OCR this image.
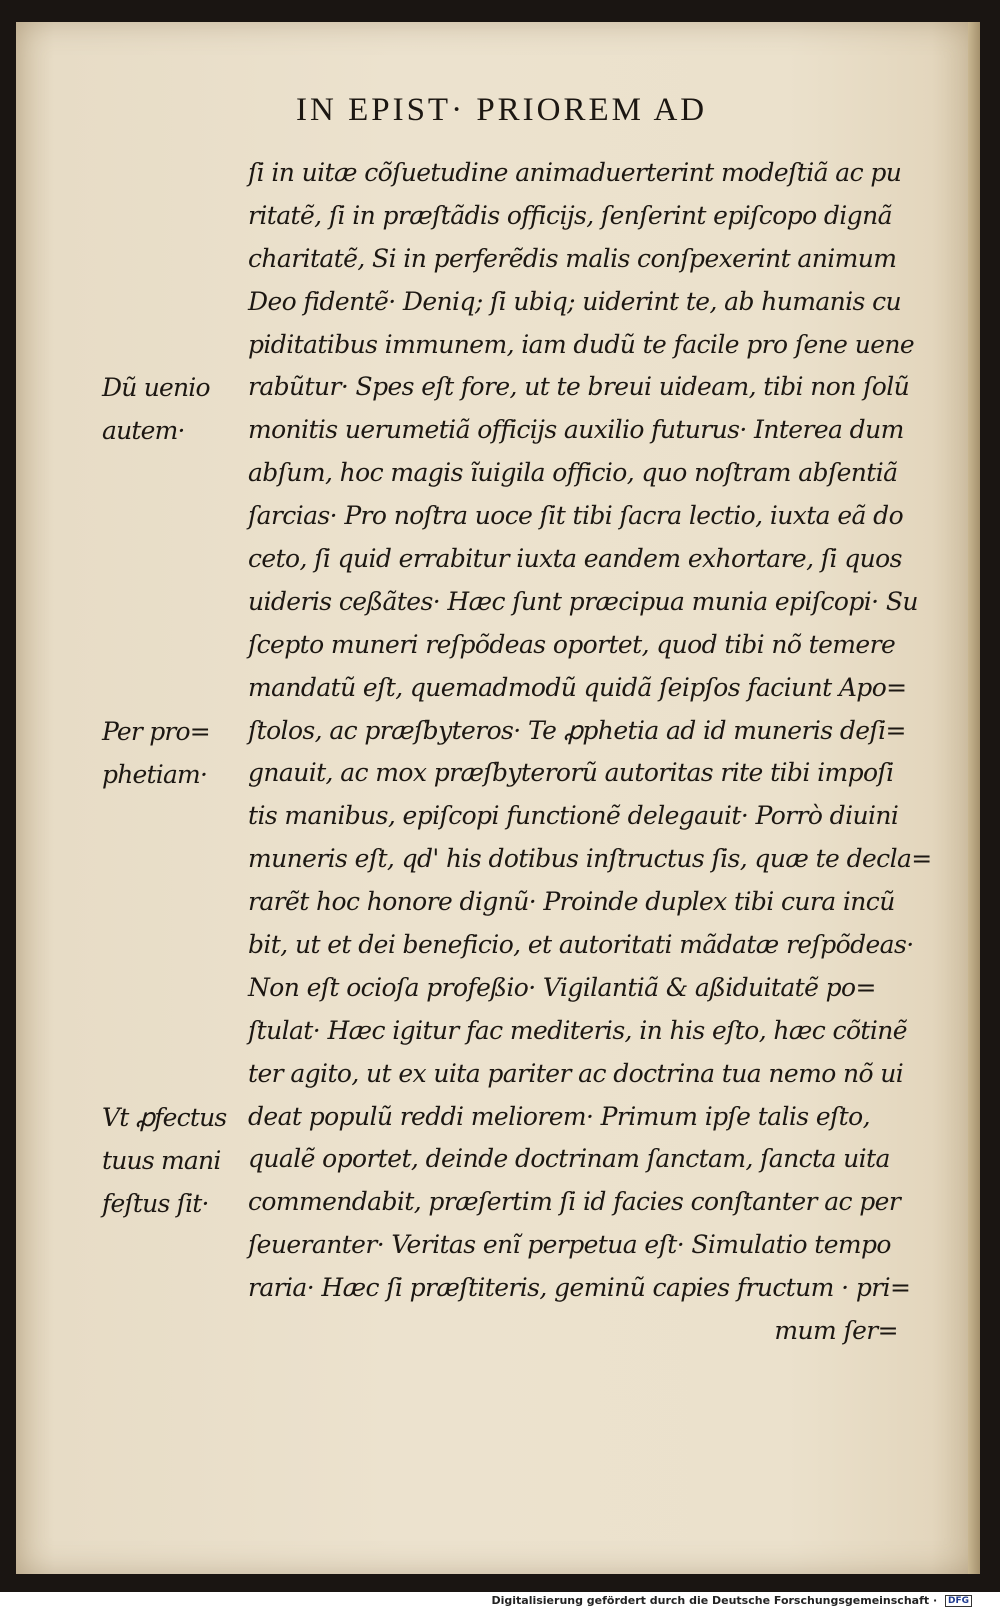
IN EPIST· PRIOREM AD
ſi in uitæ cõſuetudine animaduerterint modeſtiã ac pu
ritatẽ, ſi in præſtãdis officijs, ſenſerint epiſcopo dignã
charitatẽ, Si in perferẽdis malis conſpexerint animum
Deo fidentẽ· Deniq; ſi ubiq; uiderint te, ab humanis cu
piditatibus immunem, iam dudũ te facile pro ſene uene
rabũtur· Spes eſt fore, ut te breui uideam, tibi non ſolũ
monitis uerumetiã officijs auxilio futurus· Interea dum
abſum, hoc magis ĩuigila officio, quo noſtram abſentiã
ſarcias· Pro noſtra uoce ſit tibi ſacra lectio, iuxta eã do
ceto, ſi quid errabitur iuxta eandem exhortare, ſi quos
uideris ceßãtes· Hæc ſunt præcipua munia epiſcopi· Su
ſcepto muneri reſpõdeas oportet, quod tibi nõ temere
mandatũ eſt, quemadmodũ quidã ſeipſos faciunt Apo=
ſtolos, ac præſbyteros· Te ꝓphetia ad id muneris deſi=
gnauit, ac mox præſbyterorũ autoritas rite tibi impoſi
tis manibus, epiſcopi functionẽ delegauit· Porrò diuini
muneris eſt, qd' his dotibus inſtructus ſis, quæ te decla=
rarẽt hoc honore dignũ· Proinde duplex tibi cura incũ
bit, ut et dei beneficio, et autoritati mãdatæ reſpõdeas·
Non eſt ocioſa profeßio· Vigilantiã & aßiduitatẽ po=
ſtulat· Hæc igitur fac mediteris, in his eſto, hæc cõtinẽ
ter agito, ut ex uita pariter ac doctrina tua nemo nõ ui
deat populũ reddi meliorem· Primum ipſe talis eſto,
qualẽ oportet, deinde doctrinam ſanctam, ſancta uita
commendabit, præſertim ſi id facies conſtanter ac per
ſeueranter· Veritas enĩ perpetua eſt· Simulatio tempo
raria· Hæc ſi præſtiteris, geminũ capies fructum · pri=
mum ſer=
Dũ uenio
autem·
Per pro=
phetiam·
Vt ꝓfectus
tuus mani
feſtus ſit·
Digitalisierung gefördert durch die Deutsche Forschungsgemeinschaft · DFG
